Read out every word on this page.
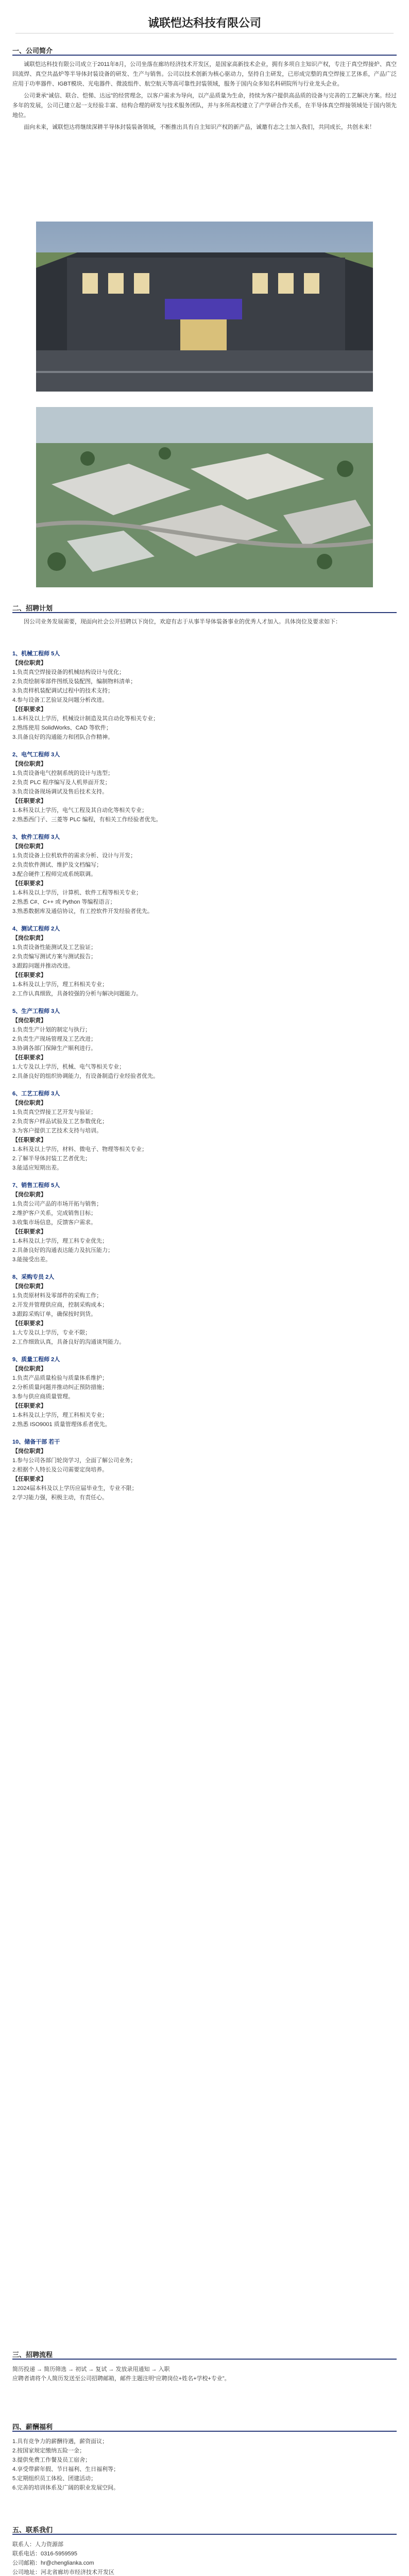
诚联恺达科技有限公司
一、公司简介

诚联恺达科技有限公司成立于2011年8月，公司坐落在廊坊经济技术开发区，是国家高新技术企业，拥有多项自主知识产权，专注于真空焊接炉、真空回流焊、真空共晶炉等半导体封装设备的研发、生产与销售。公司以技术创新为核心驱动力，坚持自主研发，已形成完整的真空焊接工艺体系，产品广泛应用于功率器件、IGBT模块、光电器件、微波组件、航空航天等高可靠性封装领域，服务于国内众多知名科研院所与行业龙头企业。

公司秉承“诚信、联合、恺悌、达远”的经营理念，以客户需求为导向，以产品质量为生命，持续为客户提供高品质的设备与完善的工艺解决方案。经过多年的发展，公司已建立起一支经验丰富、结构合理的研发与技术服务团队，并与多所高校建立了产学研合作关系，在半导体真空焊接领域处于国内领先地位。

面向未来，诚联恺达将继续深耕半导体封装装备领域，不断推出具有自主知识产权的新产品，诚邀有志之士加入我们，共同成长，共创未来！

二、招聘计划

因公司业务发展需要，现面向社会公开招聘以下岗位，欢迎有志于从事半导体装备事业的优秀人才加入。具体岗位及要求如下：

1、机械工程师 5人
【岗位职责】
1.负责真空焊接设备的机械结构设计与优化；
2.负责绘制零部件图纸及装配图，编制物料清单；
3.负责样机装配调试过程中的技术支持；
4.参与设备工艺验证及问题分析改进。
【任职要求】
1.本科及以上学历，机械设计制造及其自动化等相关专业；
2.熟练使用 SolidWorks、CAD 等软件；
3.具备良好的沟通能力和团队合作精神。
2、电气工程师 3人
【岗位职责】
1.负责设备电气控制系统的设计与选型；
2.负责 PLC 程序编写及人机界面开发；
3.负责设备现场调试及售后技术支持。
【任职要求】
1.本科及以上学历，电气工程及其自动化等相关专业；
2.熟悉西门子、三菱等 PLC 编程，有相关工作经验者优先。
3、软件工程师 3人
【岗位职责】
1.负责设备上位机软件的需求分析、设计与开发；
2.负责软件测试、维护及文档编写；
3.配合硬件工程师完成系统联调。
【任职要求】
1.本科及以上学历，计算机、软件工程等相关专业；
2.熟悉 C#、C++ 或 Python 等编程语言；
3.熟悉数据库及通信协议，有工控软件开发经验者优先。
4、测试工程师 2人
【岗位职责】
1.负责设备性能测试及工艺验证；
2.负责编写测试方案与测试报告；
3.跟踪问题并推动改进。
【任职要求】
1.本科及以上学历，理工科相关专业；
2.工作认真细致，具备较强的分析与解决问题能力。
5、生产工程师 3人
【岗位职责】
1.负责生产计划的制定与执行；
2.负责生产现场管理及工艺改进；
3.协调各部门保障生产顺利进行。
【任职要求】
1.大专及以上学历，机械、电气等相关专业；
2.具备良好的组织协调能力，有设备制造行业经验者优先。
6、工艺工程师 3人
【岗位职责】
1.负责真空焊接工艺开发与验证；
2.负责客户样品试验及工艺参数优化；
3.为客户提供工艺技术支持与培训。
【任职要求】
1.本科及以上学历，材料、微电子、物理等相关专业；
2.了解半导体封装工艺者优先；
3.能适应短期出差。
7、销售工程师 5人
【岗位职责】
1.负责公司产品的市场开拓与销售；
2.维护客户关系，完成销售目标；
3.收集市场信息，反馈客户需求。
【任职要求】
1.本科及以上学历，理工科专业优先；
2.具备良好的沟通表达能力及抗压能力；
3.能接受出差。
8、采购专员 2人
【岗位职责】
1.负责原材料及零部件的采购工作；
2.开发并管理供应商，控制采购成本；
3.跟踪采购订单，确保按时到货。
【任职要求】
1.大专及以上学历，专业不限；
2.工作细致认真，具备良好的沟通谈判能力。
9、质量工程师 2人
【岗位职责】
1.负责产品质量检验与质量体系维护；
2.分析质量问题并推动纠正预防措施；
3.参与供应商质量管理。
【任职要求】
1.本科及以上学历，理工科相关专业；
2.熟悉 ISO9001 质量管理体系者优先。
10、储备干部 若干
【岗位职责】
1.参与公司各部门轮岗学习，全面了解公司业务；
2.根据个人特长及公司需要定岗培养。
【任职要求】
1.2024届本科及以上学历应届毕业生，专业不限；
2.学习能力强，积极主动，有责任心。
三、招聘流程
简历投递 → 简历筛选 → 初试 → 复试 → 发放录用通知 → 入职
应聘者请将个人简历发送至公司招聘邮箱，邮件主题注明“应聘岗位+姓名+学校+专业”。
四、薪酬福利
1.具有竞争力的薪酬待遇，薪资面议；
2.按国家规定缴纳五险一金；
3.提供免费工作餐及员工宿舍；
4.享受带薪年假、节日福利、生日福利等；
5.定期组织员工体检、团建活动；
6.完善的培训体系及广阔的职业发展空间。
五、联系我们
联系人：人力资源部
联系电话：0316-5959595
公司邮箱：hr@chenglianka.com
公司地址：河北省廊坊市经济技术开发区
